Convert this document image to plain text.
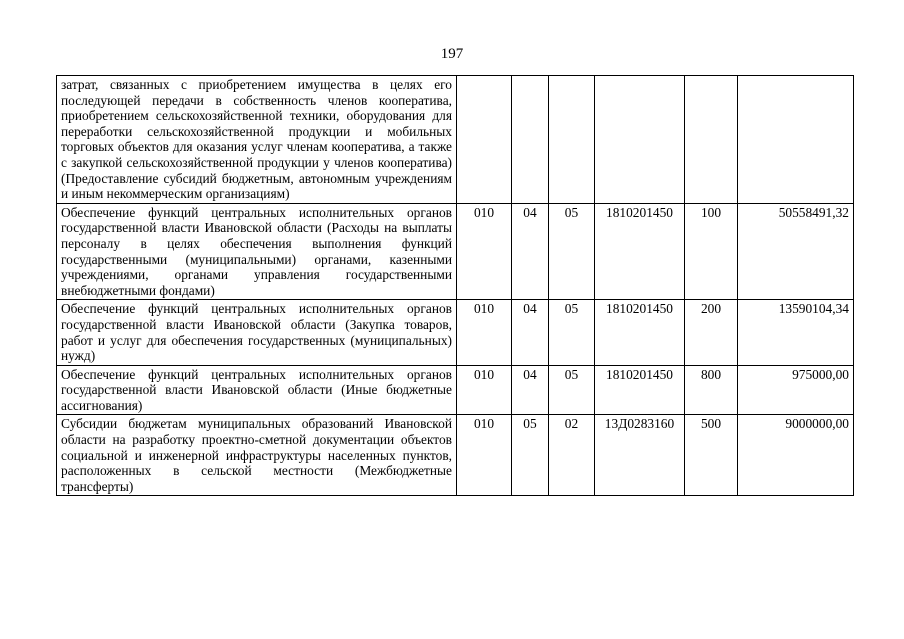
197
затрат, связанных с приобретением имущества в целях его последующей передачи в собственность членов кооператива, приобретением сельскохозяйственной техники, оборудования для переработки сельскохозяйственной продукции и мобильных торговых объектов для оказания услуг членам кооператива, а также с закупкой сельскохозяйственной продукции у членов кооператива) (Предоставление субсидий бюджетным, автономным учреждениям и иным некоммерческим организациям)						
Обеспечение функций центральных исполнительных органов государственной власти Ивановской области (Расходы на выплаты персоналу в целях обеспечения выполнения функций государственными (муниципальными) органами, казенными учреждениями, органами управления государственными внебюджетными фондами)	010	04	05	1810201450	100	50558491,32
Обеспечение функций центральных исполнительных органов государственной власти Ивановской области (Закупка товаров, работ и услуг для обеспечения государственных (муниципальных) нужд)	010	04	05	1810201450	200	13590104,34
Обеспечение функций центральных исполнительных органов государственной власти Ивановской области (Иные бюджетные ассигнования)	010	04	05	1810201450	800	975000,00
Субсидии бюджетам муниципальных образований Ивановской области на разработку проектно-сметной документации объектов социальной и инженерной инфраструктуры населенных пунктов, расположенных в сельской местности (Межбюджетные трансферты)	010	05	02	13Д0283160	500	9000000,00
